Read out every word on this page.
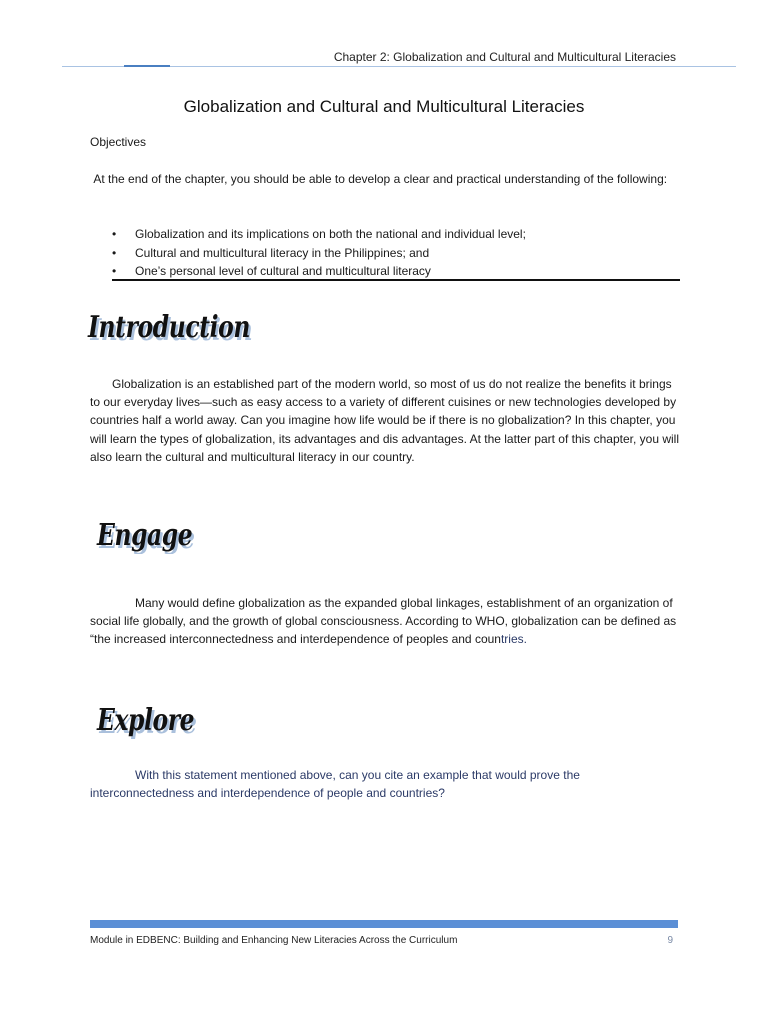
Chapter 2: Globalization and Cultural and Multicultural Literacies
Globalization and Cultural and Multicultural Literacies
Objectives
At the end of the chapter, you should be able to develop a clear and practical understanding of the following:
• Globalization and its implications on both the national and individual level;
• Cultural and multicultural literacy in the Philippines; and
• One’s personal level of cultural and multicultural literacy
Introduction

Globalization is an established part of the modern world, so most of us do not realize the benefits it brings to our everyday lives—such as easy access to a variety of different cuisines or new technologies developed by countries half a world away. Can you imagine how life would be if there is no globalization? In this chapter, you will learn the types of globalization, its advantages and dis advantages. At the latter part of this chapter, you will also learn the cultural and multicultural literacy in our country.

Engage

Many would define globalization as the expanded global linkages, establishment of an organization of social life globally, and the growth of global consciousness. According to WHO, globalization can be defined as “the increased interconnectedness and interdependence of peoples and countries.

Explore

With this statement mentioned above, can you cite an example that would prove the interconnectedness and interdependence of people and countries?

Module in EDBENC: Building and Enhancing New Literacies Across the Curriculum	9
